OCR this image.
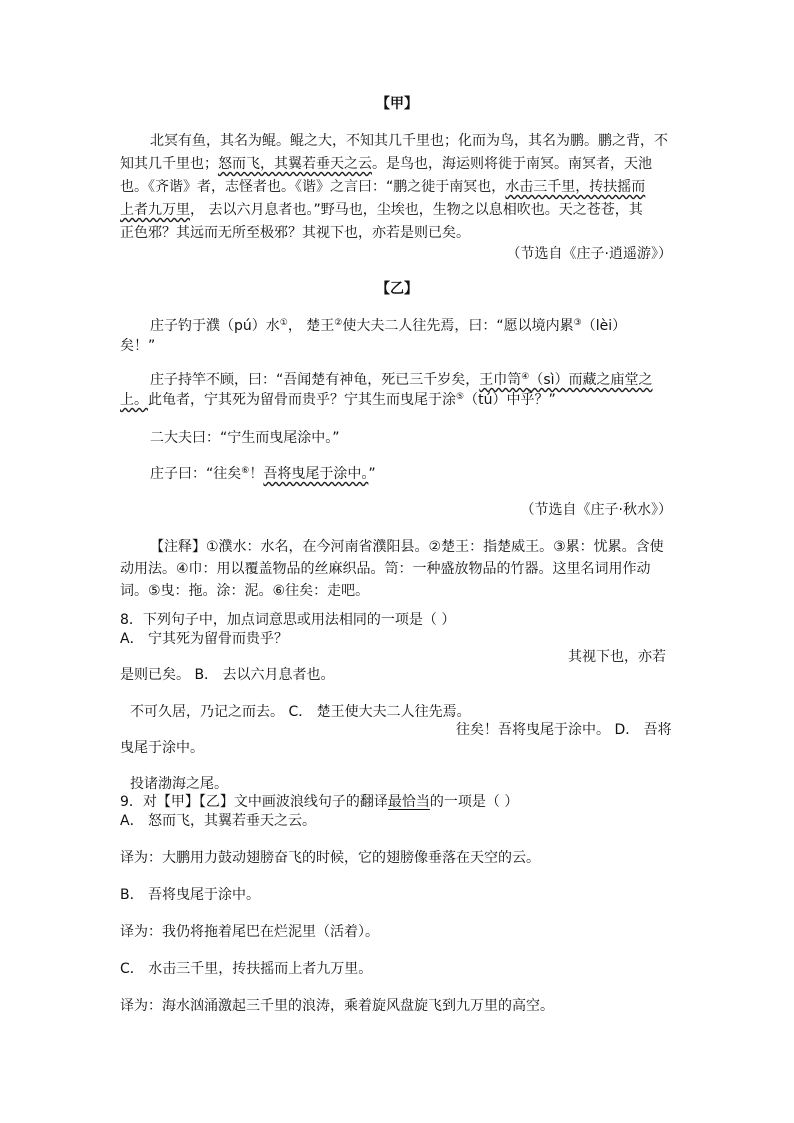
【甲】
北冥有鱼，其名为鲲。鲲之大，不知其几千里也；化而为鸟，其名为鹏。鹏之背，不
知其几千里也；怒而飞，其翼若垂天之云。是鸟也，海运则将徙于南冥。南冥者，天池
也。《齐谐》者，志怪者也。《谐》之言曰：“鹏之徙于南冥也，水击三千里，抟扶摇而
上者九万里， 去以六月息者也。”野马也，尘埃也，生物之以息相吹也。天之苍苍，其
正色邪？其远而无所至极邪？其视下也，亦若是则已矣。
（节选自《庄子·逍遥游》）
【乙】
庄子钓于濮（pú）水①， 楚王②使大夫二人往先焉，曰：“愿以境内累③（lèi）
矣！”
庄子持竿不顾，曰：“吾闻楚有神龟，死已三千岁矣，王巾笥④（sì）而藏之庙堂之
上。此龟者，宁其死为留骨而贵乎？宁其生而曳尾于涂⑤（tú）中乎？”
二大夫曰：“宁生而曳尾涂中。”
庄子曰：“往矣⑥！吾将曳尾于涂中。”
（节选自《庄子·秋水》）
【注释】①濮水：水名，在今河南省濮阳县。②楚王：指楚威王。③累：忧累。含使
动用法。④巾：用以覆盖物品的丝麻织品。笥：一种盛放物品的竹器。这里名词用作动
词。⑤曳：拖。涂：泥。⑥往矣：走吧。
8．下列句子中，加点词意思或用法相同的一项是（ ）
A． 宁其死为留骨而贵乎？
其视下也，亦若
是则已矣。 B． 去以六月息者也。
不可久居，乃记之而去。 C． 楚王使大夫二人往先焉。
往矣！吾将曳尾于涂中。 D． 吾将
曳尾于涂中。
投诸渤海之尾。
9．对【甲】【乙】文中画波浪线句子的翻译最恰当的一项是（ ）
A． 怒而飞，其翼若垂天之云。
译为：大鹏用力鼓动翅膀奋飞的时候，它的翅膀像垂落在天空的云。
B． 吾将曳尾于涂中。
译为：我仍将拖着尾巴在烂泥里（活着）。
C． 水击三千里，抟扶摇而上者九万里。
译为：海水汹涌激起三千里的浪涛，乘着旋风盘旋飞到九万里的高空。
